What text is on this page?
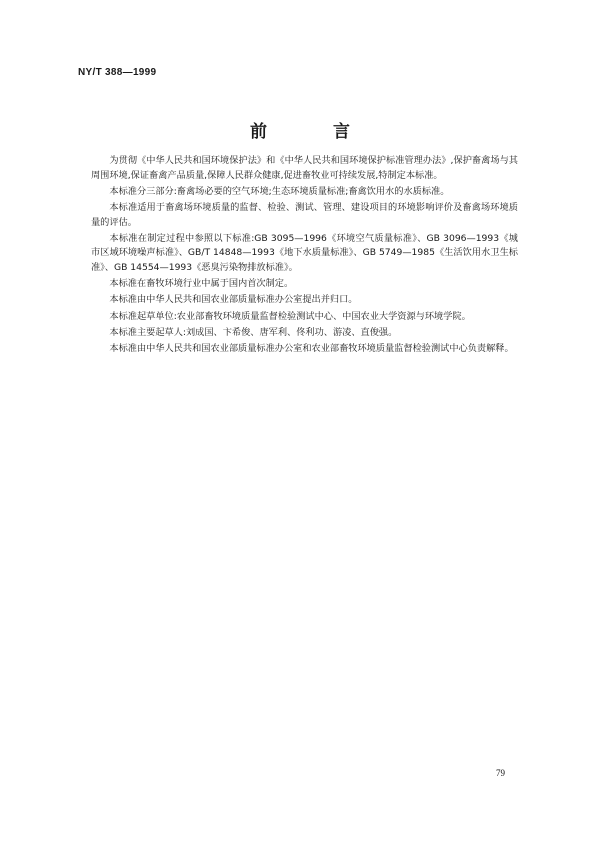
NY/T 388—1999
前 言

为贯彻《中华人民共和国环境保护法》和《中华人民共和国环境保护标准管理办法》,保护畜禽场与其周围环境,保证畜禽产品质量,保障人民群众健康,促进畜牧业可持续发展,特制定本标准。

本标准分三部分:畜禽场必要的空气环境;生态环境质量标准;畜禽饮用水的水质标准。

本标准适用于畜禽场环境质量的监督、检验、测试、管理、建设项目的环境影响评价及畜禽场环境质量的评估。

本标准在制定过程中参照以下标准:GB 3095—1996《环境空气质量标准》、GB 3096—1993《城市区域环境噪声标准》、GB/T 14848—1993《地下水质量标准》、GB 5749—1985《生活饮用水卫生标准》、GB 14554—1993《恶臭污染物排放标准》。

本标准在畜牧环境行业中属于国内首次制定。

本标准由中华人民共和国农业部质量标准办公室提出并归口。

本标准起草单位:农业部畜牧环境质量监督检验测试中心、中国农业大学资源与环境学院。

本标准主要起草人:刘成国、卞希俊、唐军利、佟利功、游凌、直俊强。

本标准由中华人民共和国农业部质量标准办公室和农业部畜牧环境质量监督检验测试中心负责解释。

79
